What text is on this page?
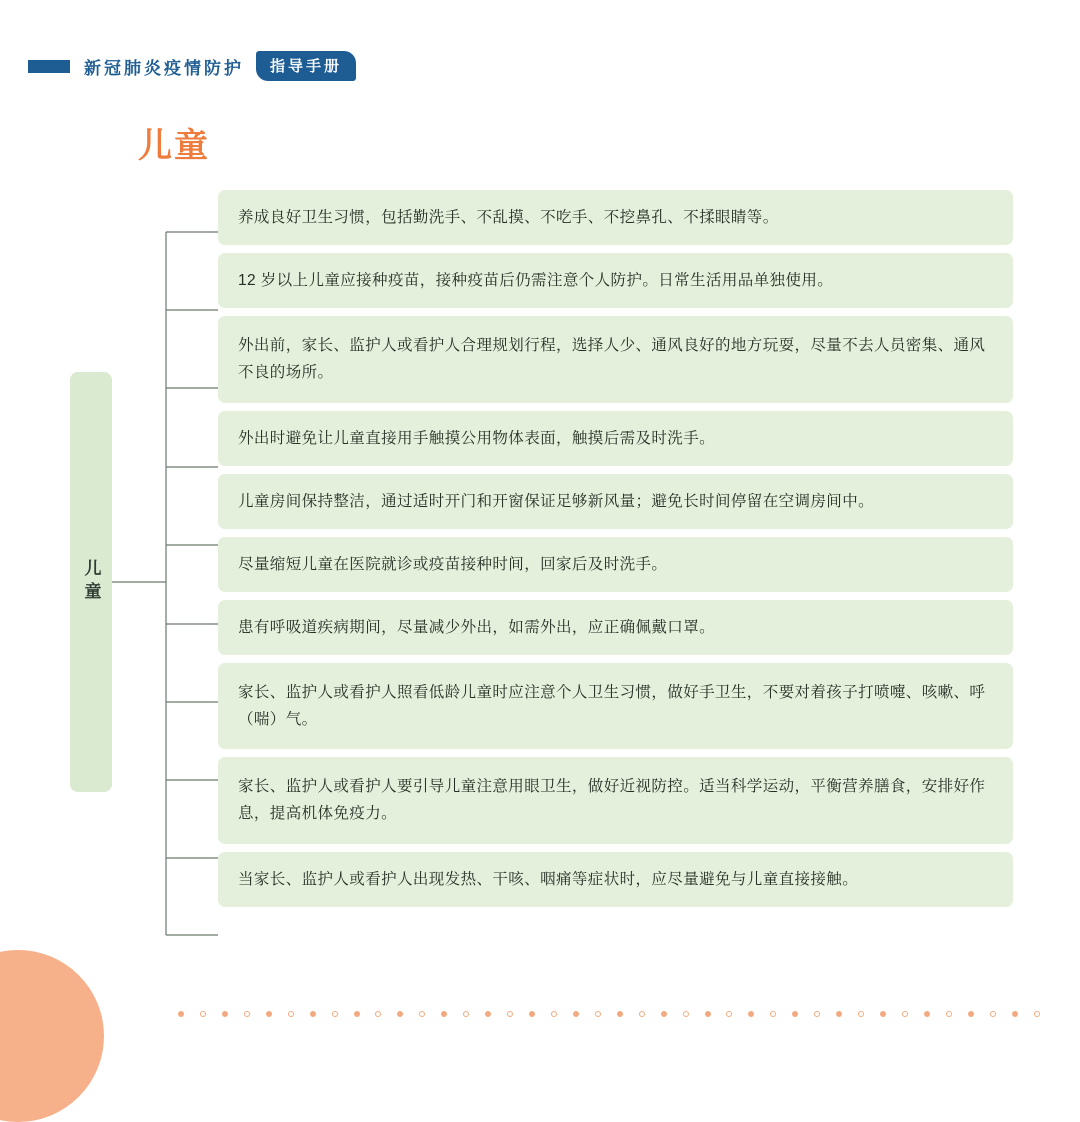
新冠肺炎疫情防护	指导手册
儿童
儿童
养成良好卫生习惯，包括勤洗手、不乱摸、不吃手、不挖鼻孔、不揉眼睛等。
12 岁以上儿童应接种疫苗，接种疫苗后仍需注意个人防护。日常生活用品单独使用。
外出前，家长、监护人或看护人合理规划行程，选择人少、通风良好的地方玩耍，尽量不去人员密集、通风不良的场所。
外出时避免让儿童直接用手触摸公用物体表面，触摸后需及时洗手。
儿童房间保持整洁，通过适时开门和开窗保证足够新风量；避免长时间停留在空调房间中。
尽量缩短儿童在医院就诊或疫苗接种时间，回家后及时洗手。
患有呼吸道疾病期间，尽量减少外出，如需外出，应正确佩戴口罩。
家长、监护人或看护人照看低龄儿童时应注意个人卫生习惯，做好手卫生，不要对着孩子打喷嚏、咳嗽、呼（喘）气。
家长、监护人或看护人要引导儿童注意用眼卫生，做好近视防控。适当科学运动，平衡营养膳食，安排好作息，提高机体免疫力。
当家长、监护人或看护人出现发热、干咳、咽痛等症状时，应尽量避免与儿童直接接触。
